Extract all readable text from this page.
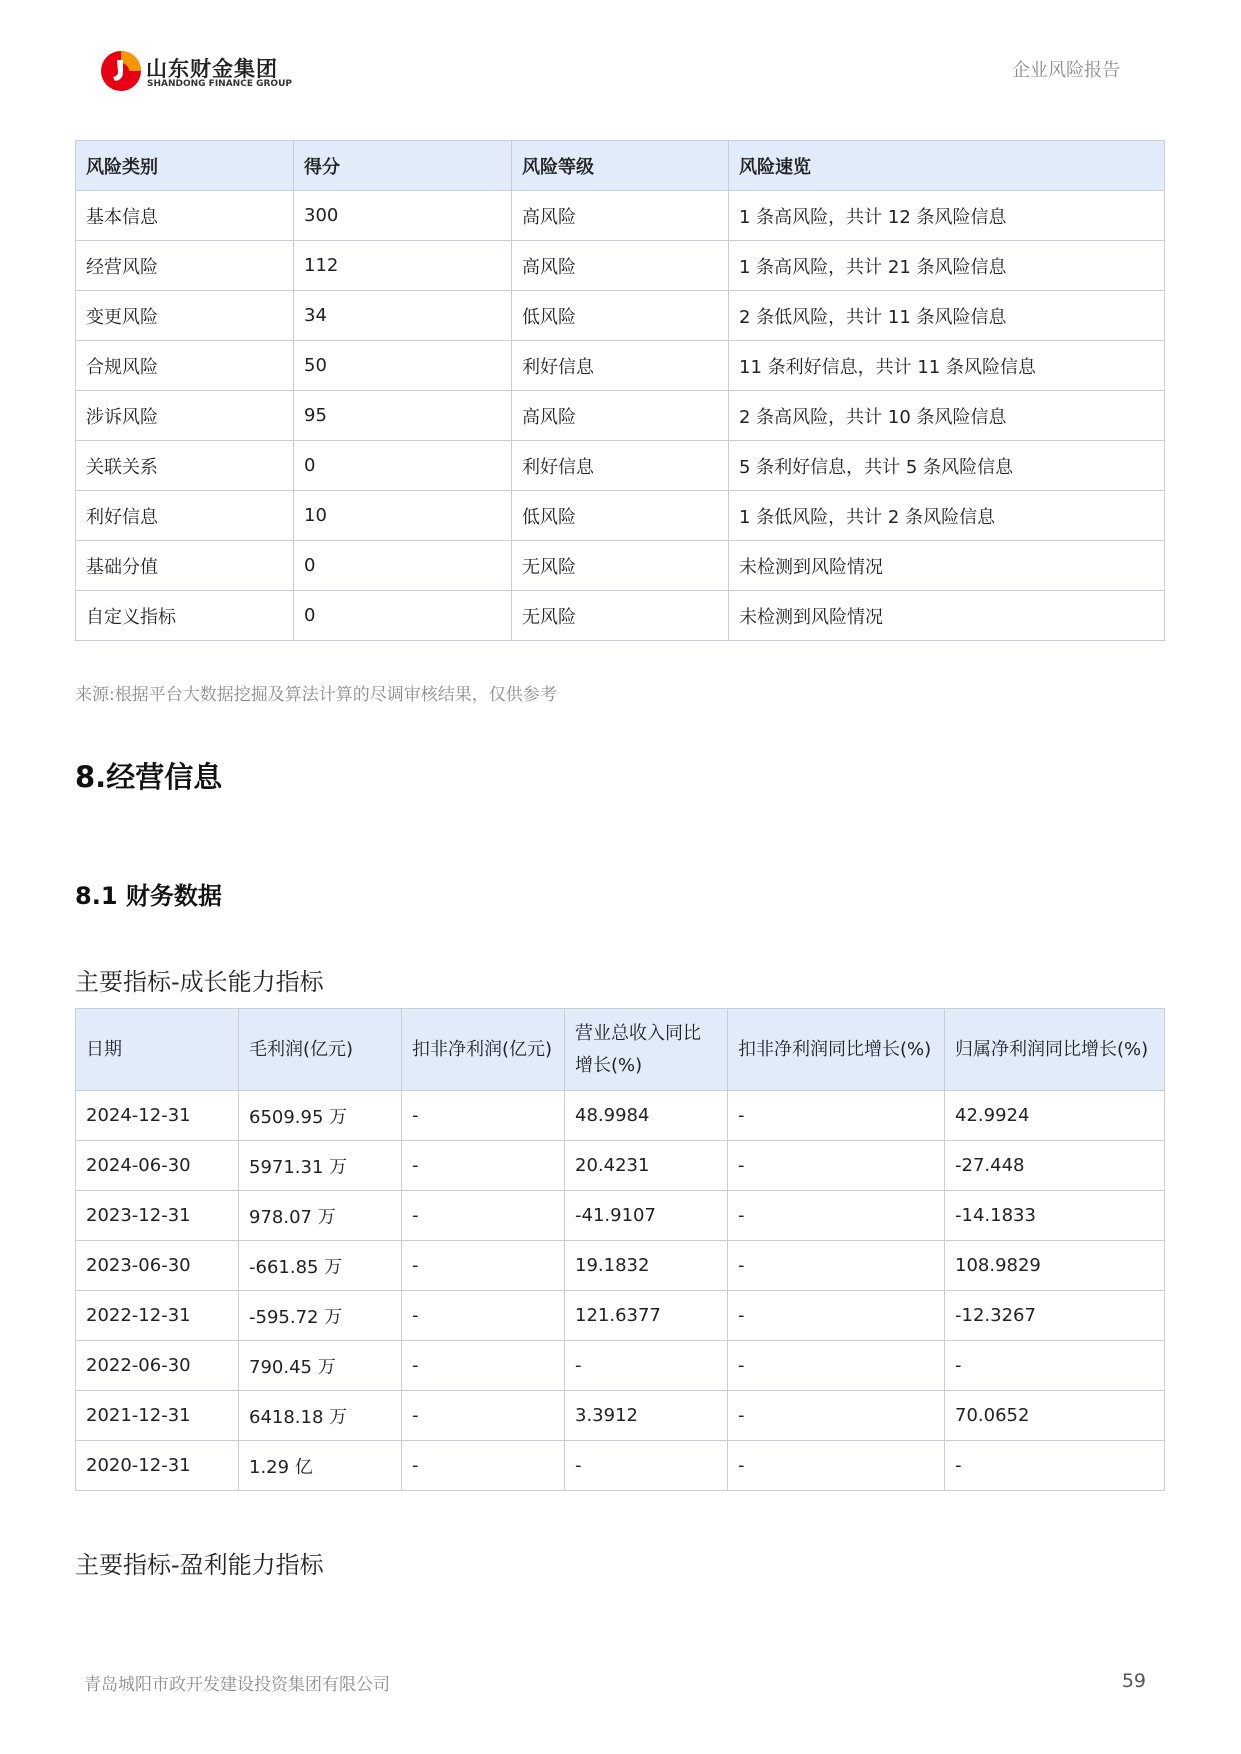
山东财金集团
SHANDONG FINANCE GROUP
企业风险报告
风险类别	得分	风险等级	风险速览
基本信息	300	高风险	1 条高风险，共计 12 条风险信息
经营风险	112	高风险	1 条高风险，共计 21 条风险信息
变更风险	34	低风险	2 条低风险，共计 11 条风险信息
合规风险	50	利好信息	11 条利好信息，共计 11 条风险信息
涉诉风险	95	高风险	2 条高风险，共计 10 条风险信息
关联关系	0	利好信息	5 条利好信息，共计 5 条风险信息
利好信息	10	低风险	1 条低风险，共计 2 条风险信息
基础分值	0	无风险	未检测到风险情况
自定义指标	0	无风险	未检测到风险情况
来源:根据平台大数据挖掘及算法计算的尽调审核结果，仅供参考
8.经营信息
8.1 财务数据
主要指标-成长能力指标
日期	毛利润(亿元)	扣非净利润(亿元)	营业总收入同比增长(%)	扣非净利润同比增长(%)	归属净利润同比增长(%)
2024-12-31	6509.95 万	-	48.9984	-	42.9924
2024-06-30	5971.31 万	-	20.4231	-	-27.448
2023-12-31	978.07 万	-	-41.9107	-	-14.1833
2023-06-30	-661.85 万	-	19.1832	-	108.9829
2022-12-31	-595.72 万	-	121.6377	-	-12.3267
2022-06-30	790.45 万	-	-	-	-
2021-12-31	6418.18 万	-	3.3912	-	70.0652
2020-12-31	1.29 亿	-	-	-	-
主要指标-盈利能力指标
青岛城阳市政开发建设投资集团有限公司	59
